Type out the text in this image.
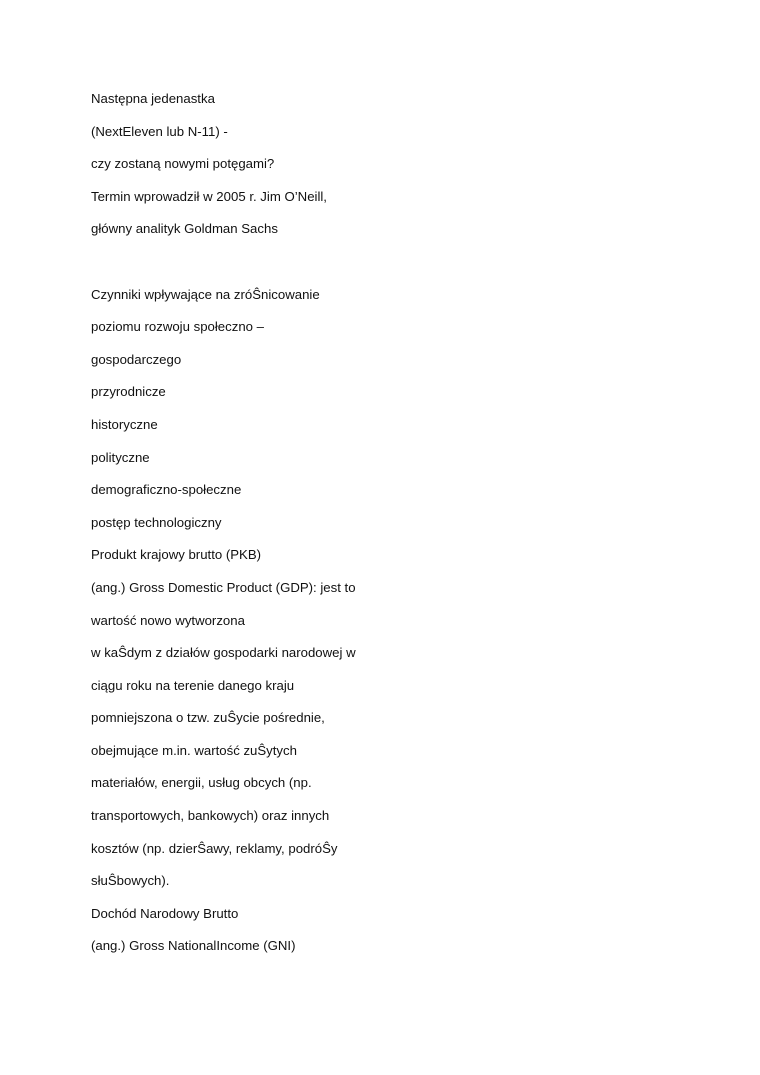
Następna jedenastka
(NextEleven lub N-11) -
czy zostaną nowymi potęgami?
Termin wprowadził w 2005 r. Jim O’Neill,
główny analityk Goldman Sachs
Czynniki wpływające na zróŜnicowanie
poziomu rozwoju społeczno –
gospodarczego
przyrodnicze
historyczne
polityczne
demograficzno-społeczne
postęp technologiczny
Produkt krajowy brutto (PKB)
(ang.) Gross Domestic Product (GDP): jest to
wartość nowo wytworzona
w kaŜdym z działów gospodarki narodowej w
ciągu roku na terenie danego kraju
pomniejszona o tzw. zuŜycie pośrednie,
obejmujące m.in. wartość zuŜytych
materiałów, energii, usług obcych (np.
transportowych, bankowych) oraz innych
kosztów (np. dzierŜawy, reklamy, podróŜy
słuŜbowych).
Dochód Narodowy Brutto
(ang.) Gross NationalIncome (GNI)
